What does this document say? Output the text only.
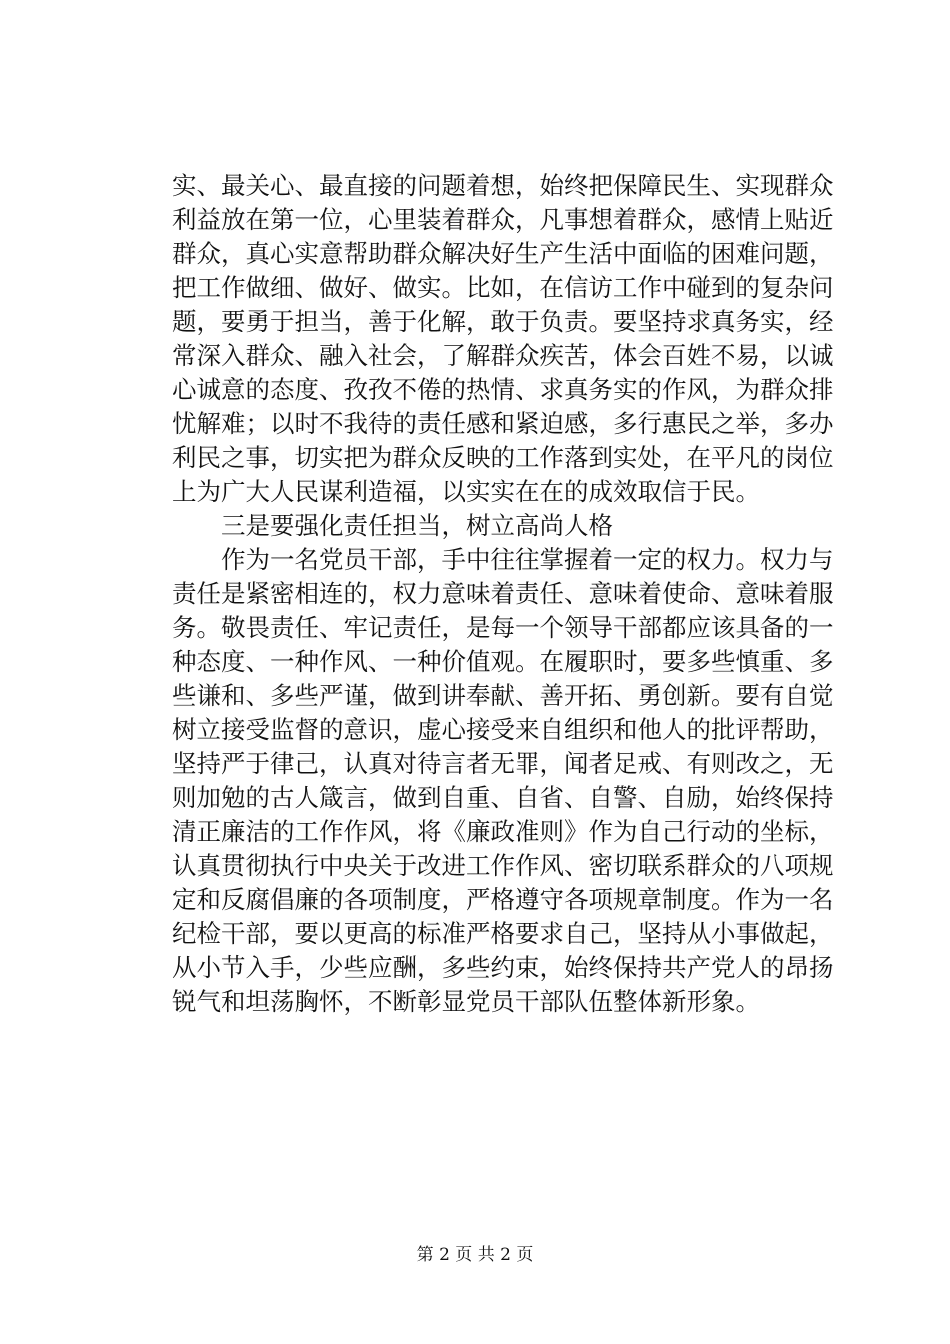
实、最关心、最直接的问题着想，始终把保障民生、实现群众
利益放在第一位，心里装着群众，凡事想着群众，感情上贴近
群众，真心实意帮助群众解决好生产生活中面临的困难问题，
把工作做细、做好、做实。比如，在信访工作中碰到的复杂问
题，要勇于担当，善于化解，敢于负责。要坚持求真务实，经
常深入群众、融入社会，了解群众疾苦，体会百姓不易，以诚
心诚意的态度、孜孜不倦的热情、求真务实的作风，为群众排
忧解难；以时不我待的责任感和紧迫感，多行惠民之举，多办
利民之事，切实把为群众反映的工作落到实处，在平凡的岗位
上为广大人民谋利造福，以实实在在的成效取信于民。
三是要强化责任担当，树立高尚人格
作为一名党员干部，手中往往掌握着一定的权力。权力与
责任是紧密相连的，权力意味着责任、意味着使命、意味着服
务。敬畏责任、牢记责任，是每一个领导干部都应该具备的一
种态度、一种作风、一种价值观。在履职时，要多些慎重、多
些谦和、多些严谨，做到讲奉献、善开拓、勇创新。要有自觉
树立接受监督的意识，虚心接受来自组织和他人的批评帮助，
坚持严于律己，认真对待言者无罪，闻者足戒、有则改之，无
则加勉的古人箴言，做到自重、自省、自警、自励，始终保持
清正廉洁的工作作风，将《廉政准则》作为自己行动的坐标，
认真贯彻执行中央关于改进工作作风、密切联系群众的八项规
定和反腐倡廉的各项制度，严格遵守各项规章制度。作为一名
纪检干部，要以更高的标准严格要求自己，坚持从小事做起，
从小节入手，少些应酬，多些约束，始终保持共产党人的昂扬
锐气和坦荡胸怀，不断彰显党员干部队伍整体新形象。
第 2 页 共 2 页
